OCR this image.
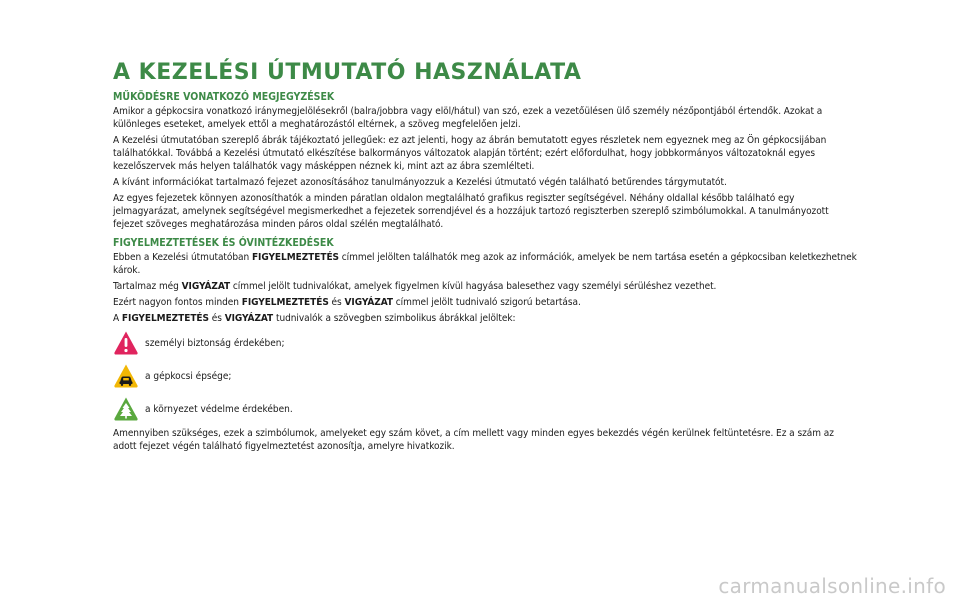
A KEZELÉSI ÚTMUTATÓ HASZNÁLATA
MŰKÖDÉSRE VONATKOZÓ MEGJEGYZÉSEK

Amikor a gépkocsira vonatkozó iránymegjelölésekről (balra/jobbra vagy elöl/hátul) van szó, ezek a vezetőülésen ülő személy nézőpontjából értendők. Azokat a különleges eseteket, amelyek ettől a meghatározástól eltérnek, a szöveg megfelelően jelzi.

A Kezelési útmutatóban szereplő ábrák tájékoztató jellegűek: ez azt jelenti, hogy az ábrán bemutatott egyes részletek nem egyeznek meg az Ön gépkocsijában találhatókkal. Továbbá a Kezelési útmutató elkészítése balkormányos változatok alapján történt; ezért előfordulhat, hogy jobbkormányos változatoknál egyes kezelőszervek más helyen találhatók vagy másképpen néznek ki, mint azt az ábra szemlélteti.

A kívánt információkat tartalmazó fejezet azonosításához tanulmányozzuk a Kezelési útmutató végén található betűrendes tárgymutatót.

Az egyes fejezetek könnyen azonosíthatók a minden páratlan oldalon megtalálható grafikus regiszter segítségével. Néhány oldallal később található egy jelmagyarázat, amelynek segítségével megismerkedhet a fejezetek sorrendjével és a hozzájuk tartozó regiszterben szereplő szimbólumokkal. A tanulmányozott fejezet szöveges meghatározása minden páros oldal szélén megtalálható.

FIGYELMEZTETÉSEK ÉS ÓVINTÉZKEDÉSEK

Ebben a Kezelési útmutatóban FIGYELMEZTETÉS címmel jelölten találhatók meg azok az információk, amelyek be nem tartása esetén a gépkocsiban keletkezhetnek károk.

Tartalmaz még VIGYÁZAT címmel jelölt tudnivalókat, amelyek figyelmen kívül hagyása balesethez vagy személyi sérüléshez vezethet.

Ezért nagyon fontos minden FIGYELMEZTETÉS és VIGYÁZAT címmel jelölt tudnivaló szigorú betartása.

A FIGYELMEZTETÉS és VIGYÁZAT tudnivalók a szövegben szimbolikus ábrákkal jelöltek:

személyi biztonság érdekében;
a gépkocsi épsége;
a környezet védelme érdekében.

Amennyiben szükséges, ezek a szimbólumok, amelyeket egy szám követ, a cím mellett vagy minden egyes bekezdés végén kerülnek feltüntetésre. Ez a szám az adott fejezet végén található figyelmeztetést azonosítja, amelyre hivatkozik.

carmanualsonline.info
